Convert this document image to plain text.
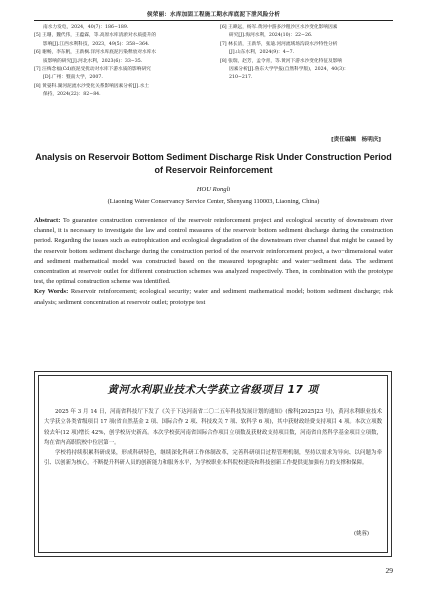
侯荣丽：水库加固工程施工期水库底泥下泄风险分析
南水力发电，2024，40(7)：186−189.
[5] 王珊，魏代伟，王蕴霖，等.高原水库清淤对水质提升的
影响[J].江西水利科技，2023，49(5)：358−364.
[6] 谢畅，李东帆，王新枫.洋河水库底泥污染释放对水库水
质影响的研究[J].河北水利，2023(6)：33−35.
[7] 汪梅念福(Cd)底泥受扰动对水库下游水质的影响研究
[D].广州：暨南大学，2007.
[8] 黄晏科.湖河泥流水沙变化关系影响因素分析[J].水土
保持，2024(22)：82−84.
[6] 王暐远，杨军.黄河中游多沙粗沙区水沙变化影响因素
研究[J].海河水利，2024(10)：22−26.
[7] 林长清，王新华，张迪.河河流域场沟段水沙特性分析
[J].山东水利，2024(9)：4−7.
[8] 张瑞，赵芳，孟令青，等.黄河下游水沙变化特征及影响
因素分析[J].鲁东大学学报(自然科学版)，2024，40(3)：
210−217.
[责任编辑　杨明庆]
Analysis on Reservoir Bottom Sediment Discharge Risk Under Construction Period of Reservoir Reinforcement
HOU Rongli
(Liaoning Water Conservancy Service Center, Shenyang 110003, Liaoning, China)
Abstract: To guarantee construction convenience of the reservoir reinforcement project and ecological security of downstream river channel, it is necessary to investigate the law and control measures of the reservoir bottom sediment discharge during the construction period. Regarding the issues such as eutrophication and ecological degradation of the downstream river channel that might be caused by the reservoir bottom sediment discharge during the construction period of the reservoir reinforcement project, a two−dimensional water and sediment mathematical model was constructed based on the measured topographic and water−sediment data. The sediment concentration at reservoir outlet for different construction schemes was analyzed respectively. Then, in combination with the prototype test, the optimal construction scheme was identified.
Key Words: Reservoir reinforcement; ecological security; water and sediment mathematical model; bottom sediment discharge; risk analysis; sediment concentration at reservoir outlet; prototype test
黄河水利职业技术大学获立省级项目 17 项

2025 年 3 月 14 日，河南省科技厅下发了《关于下达河南省二〇二五年科技发展计划的通知》(豫科[2025]23 号)，黄河水利职业技术大学获立各类省级项目 17 项(省自然基金 2 项、国际合作 2 项、科技攻关 7 项、软科学 6 项)，其中获财政经费支持项目 4 项。本次立项数较去年(12 项)增长 42%，创学校历史新高。本次学校获河南省国际合作项目立项数及获财政支持项目数，河南省自然科学基金项目立项数，均在省内高职院校中位居第一。

学校将持续积累科研成果，形成科研特色，继续深化科研工作体制改革，完善科研项目过程管理机制，坚持以需求为导向、以问题为牵引、以创新为核心，不断提升科研人员的创新能力和服务水平，为学校职业本科院校建设和科技创新工作提供更加强有力的支撑和保障。

(姚蓉)
29
